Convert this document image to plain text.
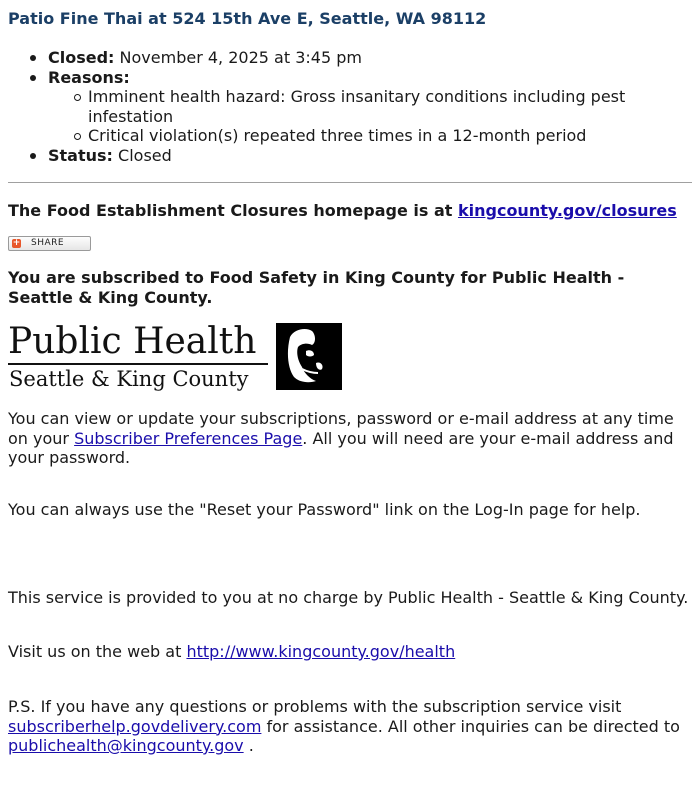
Patio Fine Thai at 524 15th Ave E, Seattle, WA 98112
Closed: November 4, 2025 at 3:45 pm
Reasons:
Imminent health hazard: Gross insanitary conditions including pest infestation
Critical violation(s) repeated three times in a 12-month period
Status: Closed
The Food Establishment Closures homepage is at kingcounty.gov/closures
+ SHARE
You are subscribed to Food Safety in King County for Public Health - Seattle & King County.
Public Health
Seattle & King County
You can view or update your subscriptions, password or e-mail address at any time on your Subscriber Preferences Page. All you will need are your e-mail address and your password.
You can always use the "Reset your Password" link on the Log-In page for help.
This service is provided to you at no charge by Public Health - Seattle & King County.
Visit us on the web at http://www.kingcounty.gov/health
P.S. If you have any questions or problems with the subscription service visit subscriberhelp.govdelivery.com for assistance. All other inquiries can be directed to publichealth@kingcounty.gov .
